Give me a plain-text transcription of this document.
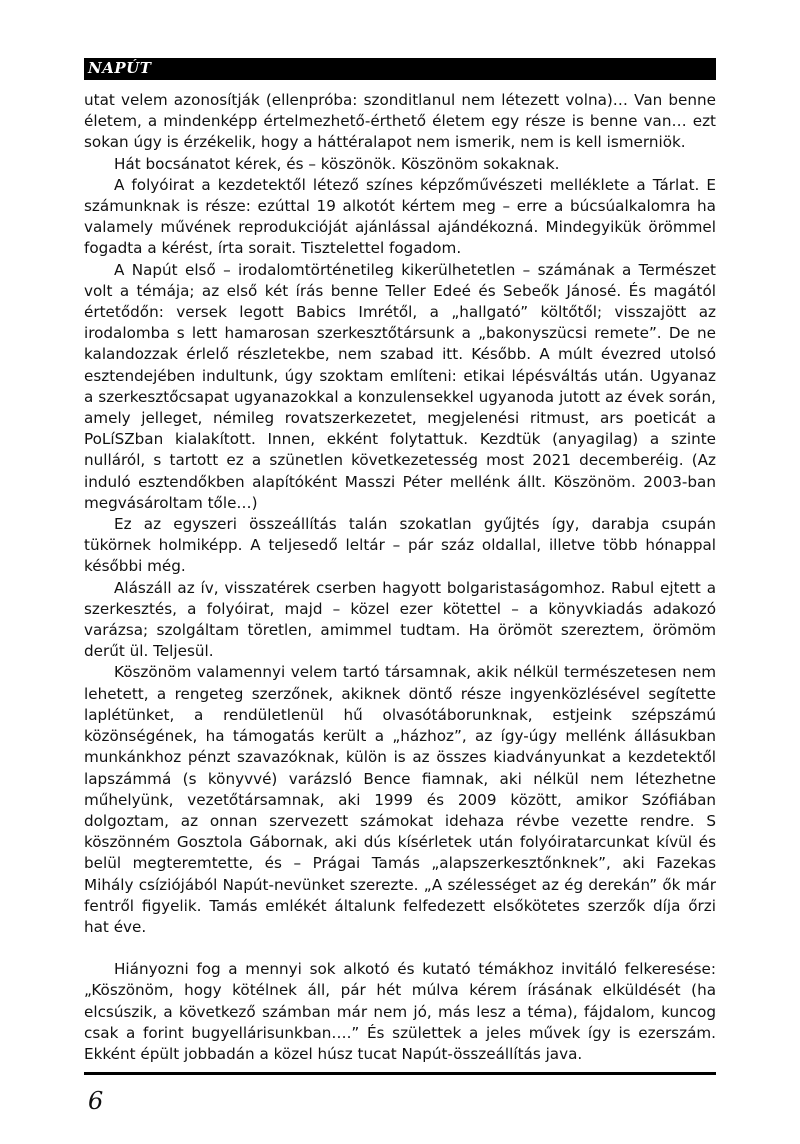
NAPÚT

utat velem azonosítják (ellenpróba: szonditlanul nem létezett volna)… Van benne életem, a mindenképp értelmezhető-érthető életem egy része is benne van… ezt sokan úgy is érzékelik, hogy a háttéralapot nem ismerik, nem is kell ismerniök.

Hát bocsánatot kérek, és – köszönök. Köszönöm sokaknak.

A folyóirat a kezdetektől létező színes képzőművészeti melléklete a Tárlat. E számunknak is része: ezúttal 19 alkotót kértem meg – erre a búcsúalkalomra ha valamely művének reprodukcióját ajánlással ajándékozná. Mindegyikük örömmel fogadta a kérést, írta sorait. Tisztelettel fogadom.

A Napút első – irodalomtörténetileg kikerülhetetlen – számának a Természet volt a témája; az első két írás benne Teller Edeé és Sebeők Jánosé. És magától értetődőn: versek legott Babics Imrétől, a „hallgató” költőtől; visszajött az irodalomba s lett hamarosan szerkesztőtársunk a „bakonyszücsi remete”. De ne kalandozzak érlelő részletekbe, nem szabad itt. Később. A múlt évezred utolsó esztendejében indultunk, úgy szoktam említeni: etikai lépésváltás után. Ugyanaz a szerkesztőcsapat ugyanazokkal a konzulensekkel ugyanoda jutott az évek során, amely jelleget, némileg rovatszerkezetet, megjelenési ritmust, ars poeticát a PoLíSZban kialakított. Innen, ekként folytattuk. Kezdtük (anyagilag) a szinte nulláról, s tartott ez a szünetlen következetesség most 2021 decemberéig. (Az induló esztendőkben alapítóként Masszi Péter mellénk állt. Köszönöm. 2003-ban megvásároltam tőle…)

Ez az egyszeri összeállítás talán szokatlan gyűjtés így, darabja csupán tükörnek holmiképp. A teljesedő leltár – pár száz oldallal, illetve több hónappal későbbi még.

Alászáll az ív, visszatérek cserben hagyott bolgaristaságomhoz. Rabul ejtett a szerkesztés, a folyóirat, majd – közel ezer kötettel – a könyvkiadás adakozó varázsa; szolgáltam töretlen, amimmel tudtam. Ha örömöt szereztem, örömöm derűt ül. Teljesül.

Köszönöm valamennyi velem tartó társamnak, akik nélkül természetesen nem lehetett, a rengeteg szerzőnek, akiknek döntő része ingyenközlésével segítette laplétünket, a rendületlenül hű olvasótáborunknak, estjeink szépszámú közönségének, ha támogatás került a „házhoz”, az így-úgy mellénk állásukban munkánkhoz pénzt szavazóknak, külön is az összes kiadványunkat a kezdetektől lapszámmá (s könyvvé) varázsló Bence fiamnak, aki nélkül nem létezhetne műhelyünk, vezetőtársamnak, aki 1999 és 2009 között, amikor Szófiában dolgoztam, az onnan szervezett számokat idehaza révbe vezette rendre. S köszönném Gosztola Gábornak, aki dús kísérletek után folyóiratarcunkat kívül és belül megteremtette, és – Prágai Tamás „alapszerkesztőnknek”, aki Fazekas Mihály csíziójából Napút-nevünket szerezte. „A szélességet az ég derekán” ők már fentről figyelik. Tamás emlékét általunk felfedezett elsőkötetes szerzők díja őrzi hat éve.

Hiányozni fog a mennyi sok alkotó és kutató témákhoz invitáló felkeresése: „Köszönöm, hogy kötélnek áll, pár hét múlva kérem írásának elküldését (ha elcsúszik, a következő számban már nem jó, más lesz a téma), fájdalom, kuncog csak a forint bugyellárisunkban….” És születtek a jeles művek így is ezerszám. Ekként épült jobbadán a közel húsz tucat Napút-összeállítás java.

6
